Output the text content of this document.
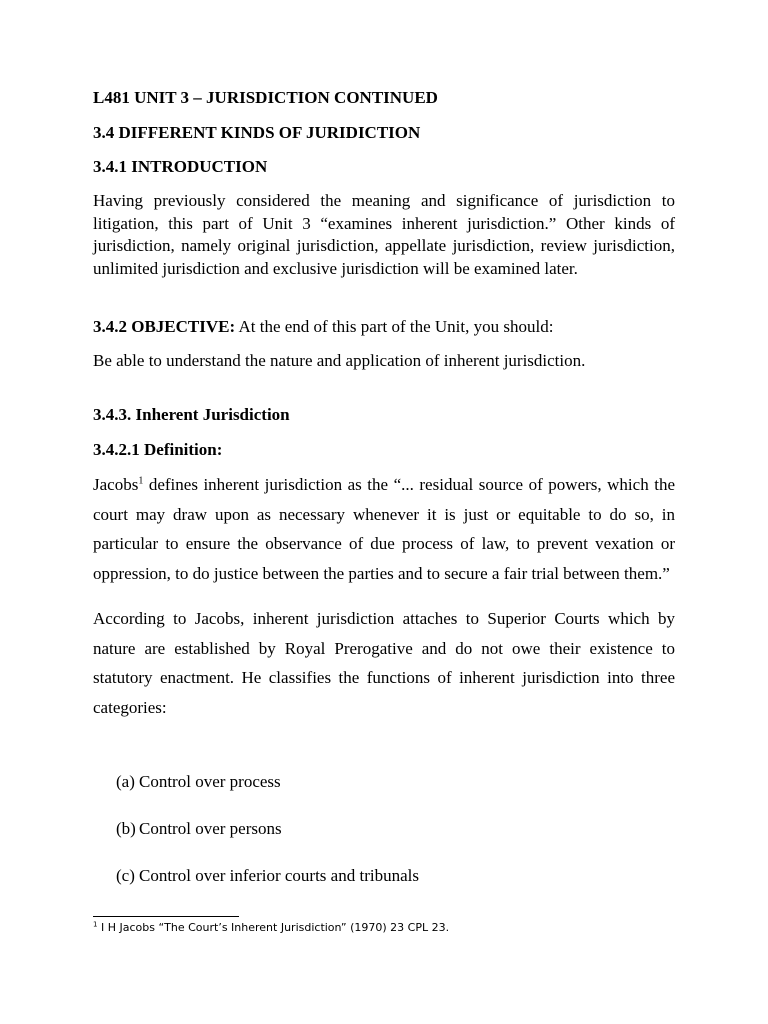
L481 UNIT 3 – JURISDICTION CONTINUED

3.4 DIFFERENT KINDS OF JURIDICTION

3.4.1 INTRODUCTION

Having previously considered the meaning and significance of jurisdiction to litigation, this part of Unit 3 “examines inherent jurisdiction.” Other kinds of jurisdiction, namely original jurisdiction, appellate jurisdiction, review jurisdiction, unlimited jurisdiction and exclusive jurisdiction will be examined later.

3.4.2 OBJECTIVE: At the end of this part of the Unit, you should:

Be able to understand the nature and application of inherent jurisdiction.

3.4.3. Inherent Jurisdiction

3.4.2.1 Definition:

Jacobs$^1$ defines inherent jurisdiction as the “... residual source of powers, which the court may draw upon as necessary whenever it is just or equitable to do so, in particular to ensure the observance of due process of law, to prevent vexation or oppression, to do justice between the parties and to secure a fair trial between them.”

According to Jacobs, inherent jurisdiction attaches to Superior Courts which by nature are established by Royal Prerogative and do not owe their existence to statutory enactment. He classifies the functions of inherent jurisdiction into three categories:

(a) Control over process
(b) Control over persons
(c) Control over inferior courts and tribunals
$^1$ I H Jacobs “The Court’s Inherent Jurisdiction” (1970) 23 CPL 23.
